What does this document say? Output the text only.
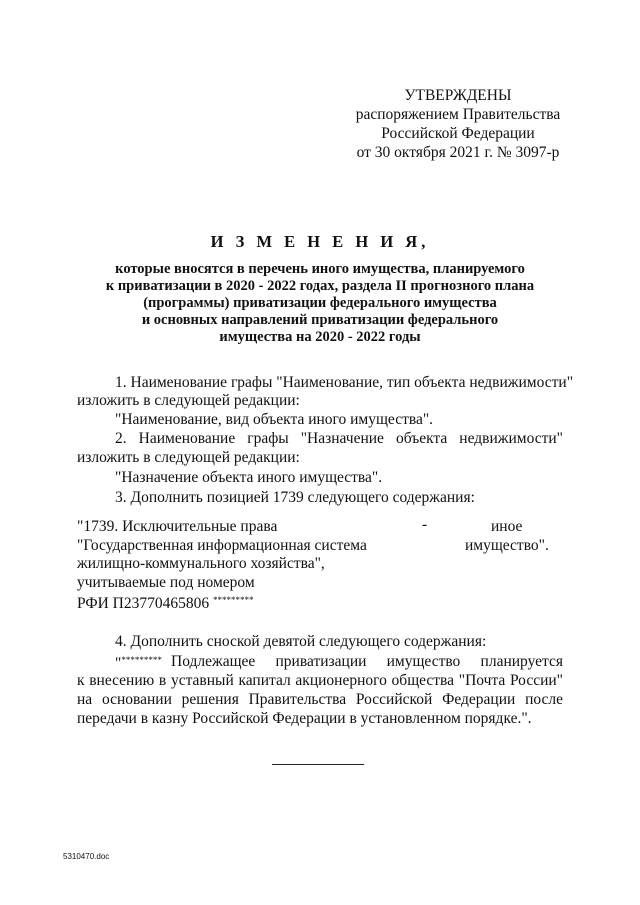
УТВЕРЖДЕНЫ
распоряжением Правительства
Российской Федерации
от 30 октября 2021 г. № 3097-р
И З М Е Н Е Н И Я,
которые вносятся в перечень иного имущества, планируемого
к приватизации в 2020 - 2022 годах, раздела II прогнозного плана
(программы) приватизации федерального имущества
и основных направлений приватизации федерального
имущества на 2020 - 2022 годы
1. Наименование графы "Наименование, тип объекта недвижимости"
изложить в следующей редакции:
"Наименование, вид объекта иного имущества".
2. Наименование графы "Назначение объекта недвижимости"
изложить в следующей редакции:
"Назначение объекта иного имущества".
3. Дополнить позицией 1739 следующего содержания:
"1739. Исключительные права
"Государственная информационная система
жилищно-коммунального хозяйства",
учитываемые под номером
РФИ П23770465806 *********
-	иное
имущество".
4. Дополнить сноской девятой следующего содержания:
"********* Подлежащее приватизации имущество планируется
к внесению в уставный капитал акционерного общества "Почта России"
на основании решения Правительства Российской Федерации после
передачи в казну Российской Федерации в установленном порядке.".
5310470.doc
